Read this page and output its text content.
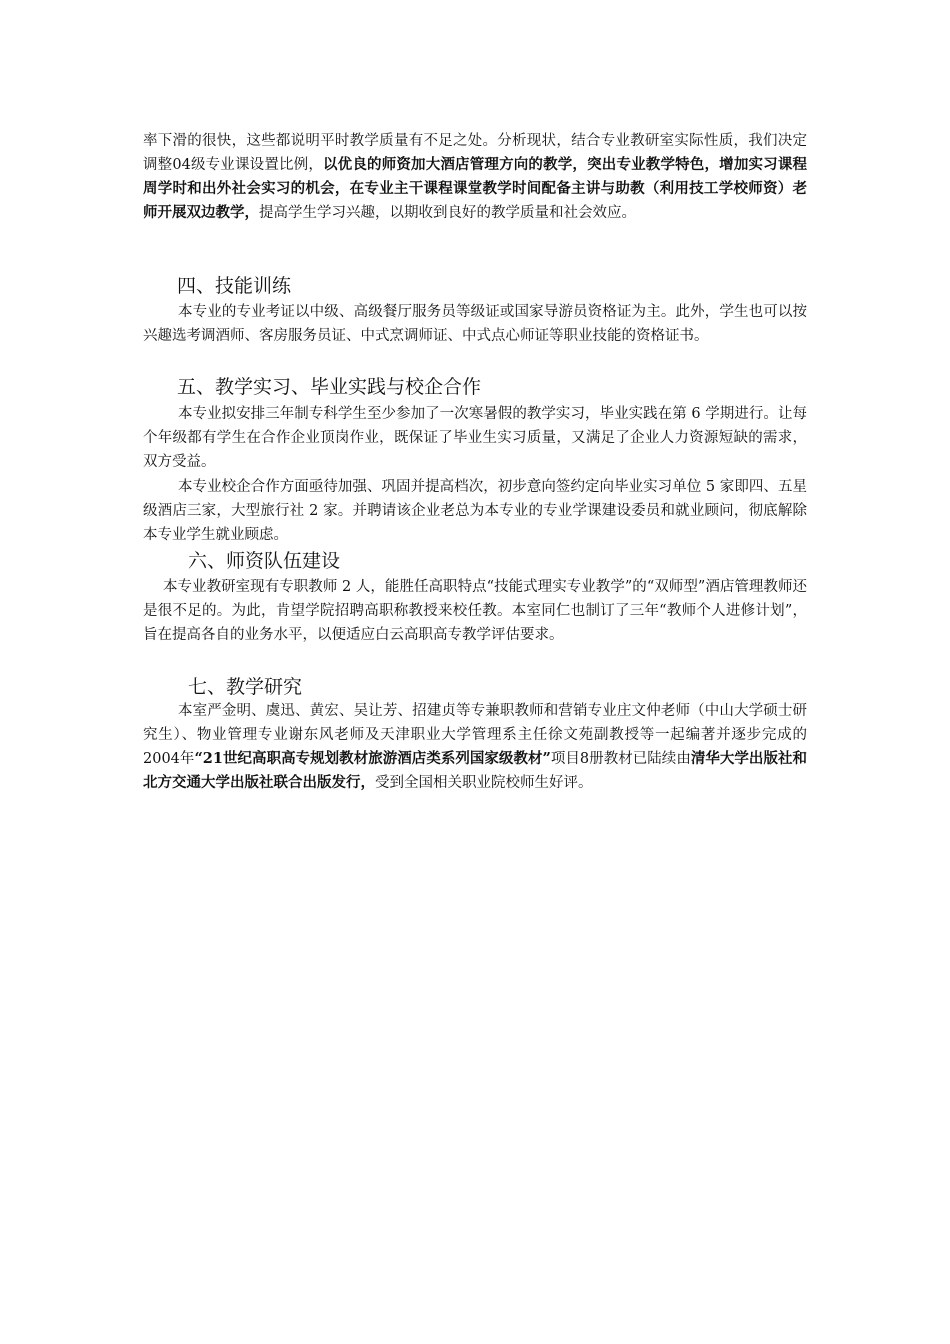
率下滑的很快，这些都说明平时教学质量有不足之处。分析现状，结合专业教研室实际性质，我们决定调整04级专业课设置比例，以优良的师资加大酒店管理方向的教学，突出专业教学特色，增加实习课程周学时和出外社会实习的机会，在专业主干课程课堂教学时间配备主讲与助教（利用技工学校师资）老师开展双边教学，提高学生学习兴趣，以期收到良好的教学质量和社会效应。

四、技能训练

本专业的专业考证以中级、高级餐厅服务员等级证或国家导游员资格证为主。此外，学生也可以按兴趣选考调酒师、客房服务员证、中式烹调师证、中式点心师证等职业技能的资格证书。

五、教学实习、毕业实践与校企合作

本专业拟安排三年制专科学生至少参加了一次寒暑假的教学实习，毕业实践在第 6 学期进行。让每个年级都有学生在合作企业顶岗作业，既保证了毕业生实习质量，又满足了企业人力资源短缺的需求，双方受益。

本专业校企合作方面亟待加强、巩固并提高档次，初步意向签约定向毕业实习单位 5 家即四、五星级酒店三家，大型旅行社 2 家。并聘请该企业老总为本专业的专业学课建设委员和就业顾问，彻底解除本专业学生就业顾虑。

六、师资队伍建设

本专业教研室现有专职教师 2 人，能胜任高职特点“技能式理实专业教学”的“双师型”酒店管理教师还是很不足的。为此，肯望学院招聘高职称教授来校任教。本室同仁也制订了三年“教师个人进修计划”，旨在提高各自的业务水平，以便适应白云高职高专教学评估要求。

七、教学研究

本室严金明、虞迅、黄宏、吴让芳、招建贞等专兼职教师和营销专业庄文仲老师（中山大学硕士研究生）、物业管理专业谢东风老师及天津职业大学管理系主任徐文苑副教授等一起编著并逐步完成的2004年“21世纪高职高专规划教材旅游酒店类系列国家级教材”项目8册教材已陆续由清华大学出版社和北方交通大学出版社联合出版发行，受到全国相关职业院校师生好评。
